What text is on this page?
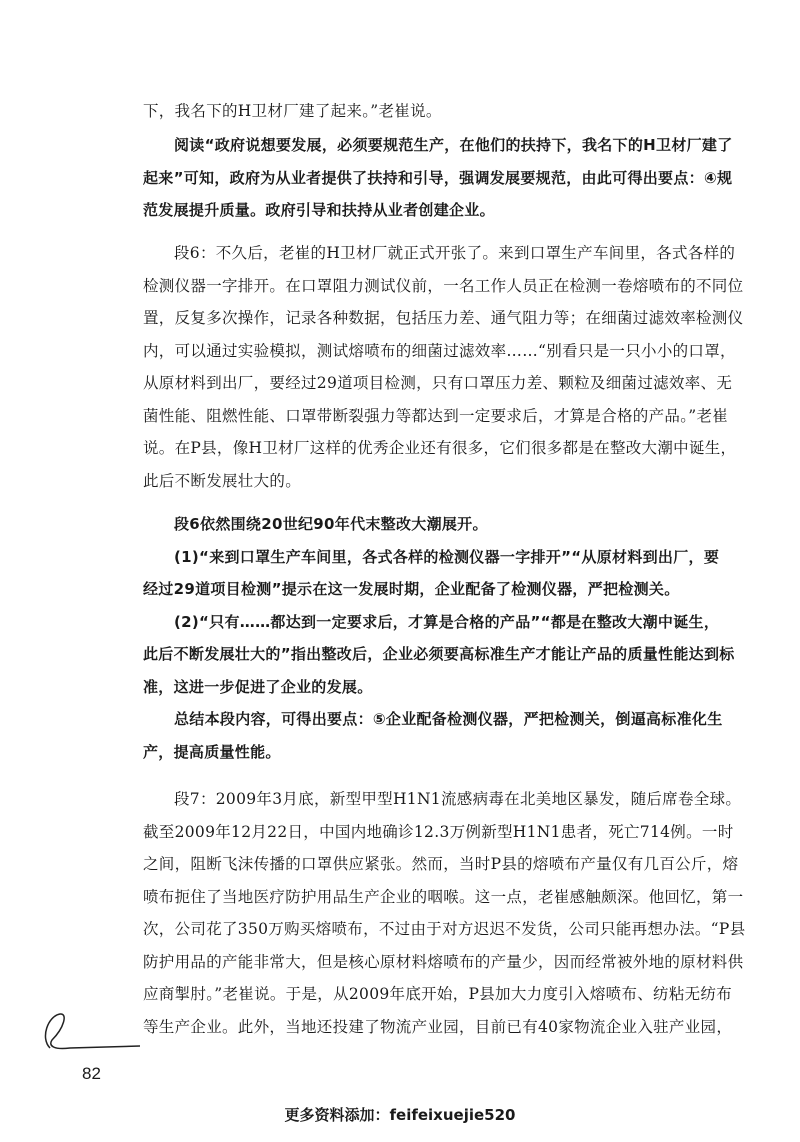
下，我名下的H卫材厂建了起来。”老崔说。
阅读“政府说想要发展，必须要规范生产，在他们的扶持下，我名下的H卫材厂建了
起来”可知，政府为从业者提供了扶持和引导，强调发展要规范，由此可得出要点：④规
范发展提升质量。政府引导和扶持从业者创建企业。
段6：不久后，老崔的H卫材厂就正式开张了。来到口罩生产车间里，各式各样的
检测仪器一字排开。在口罩阻力测试仪前，一名工作人员正在检测一卷熔喷布的不同位
置，反复多次操作，记录各种数据，包括压力差、通气阻力等；在细菌过滤效率检测仪
内，可以通过实验模拟，测试熔喷布的细菌过滤效率……“别看只是一只小小的口罩，
从原材料到出厂，要经过29道项目检测，只有口罩压力差、颗粒及细菌过滤效率、无
菌性能、阻燃性能、口罩带断裂强力等都达到一定要求后，才算是合格的产品。”老崔
说。在P县，像H卫材厂这样的优秀企业还有很多，它们很多都是在整改大潮中诞生，
此后不断发展壮大的。
段6依然围绕20世纪90年代末整改大潮展开。
(1)“来到口罩生产车间里，各式各样的检测仪器一字排开”“从原材料到出厂，要
经过29道项目检测”提示在这一发展时期，企业配备了检测仪器，严把检测关。
(2)“只有……都达到一定要求后，才算是合格的产品”“都是在整改大潮中诞生，
此后不断发展壮大的”指出整改后，企业必须要高标准生产才能让产品的质量性能达到标
准，这进一步促进了企业的发展。
总结本段内容，可得出要点：⑤企业配备检测仪器，严把检测关，倒逼高标准化生
产，提高质量性能。
段7：2009年3月底，新型甲型H1N1流感病毒在北美地区暴发，随后席卷全球。
截至2009年12月22日，中国内地确诊12.3万例新型H1N1患者，死亡714例。一时
之间，阻断飞沫传播的口罩供应紧张。然而，当时P县的熔喷布产量仅有几百公斤，熔
喷布扼住了当地医疗防护用品生产企业的咽喉。这一点，老崔感触颇深。他回忆，第一
次，公司花了350万购买熔喷布，不过由于对方迟迟不发货，公司只能再想办法。“P县
防护用品的产能非常大，但是核心原材料熔喷布的产量少，因而经常被外地的原材料供
应商掣肘。”老崔说。于是，从2009年底开始，P县加大力度引入熔喷布、纺粘无纺布
等生产企业。此外，当地还投建了物流产业园，目前已有40家物流企业入驻产业园，
82
更多资料添加：feifeixuejie520
